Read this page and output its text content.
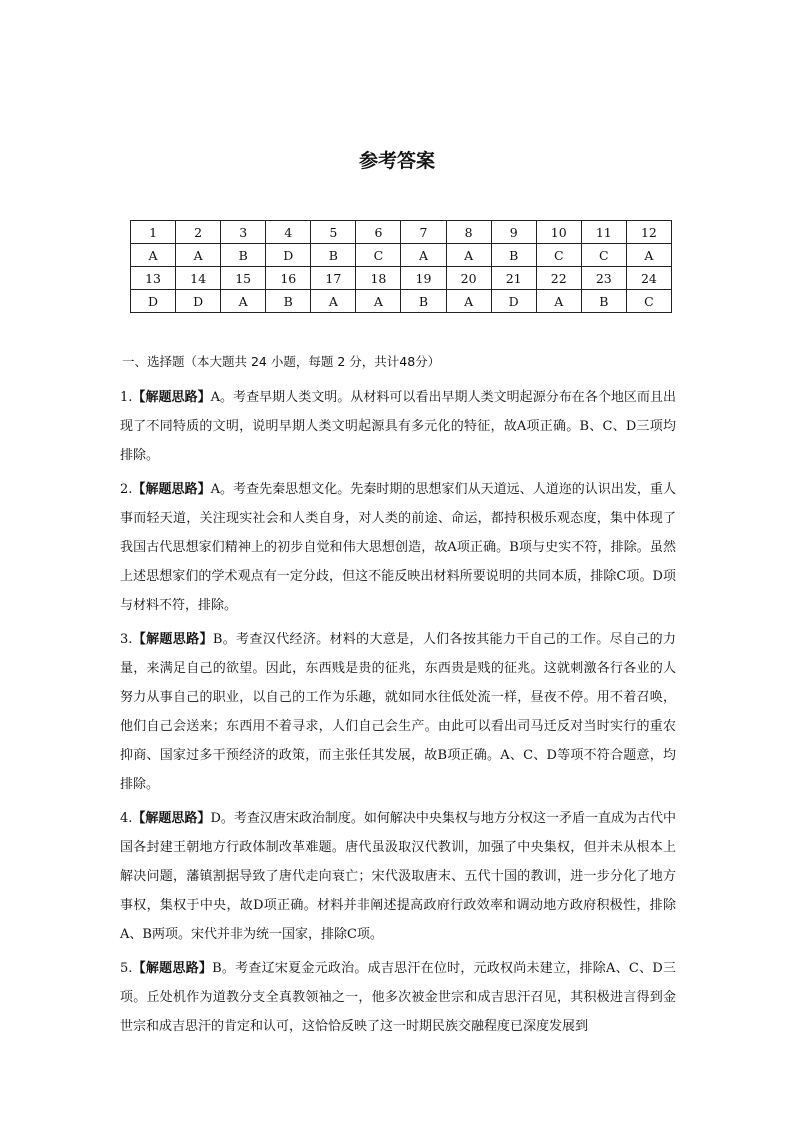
参考答案
1	2	3	4	5	6	7	8	9	10	11	12
A	A	B	D	B	C	A	A	B	C	C	A
13	14	15	16	17	18	19	20	21	22	23	24
D	D	A	B	A	A	B	A	D	A	B	C
一、选择题（本大题共 24 小题，每题 2 分，共计48分）

1.【解题思路】A。考查早期人类文明。从材料可以看出早期人类文明起源分布在各个地区而且出现了不同特质的文明，说明早期人类文明起源具有多元化的特征，故A项正确。B、C、D三项均排除。

2.【解题思路】A。考查先秦思想文化。先秦时期的思想家们从天道远、人道迩的认识出发，重人事而轻天道，关注现实社会和人类自身，对人类的前途、命运，都持积极乐观态度，集中体现了我国古代思想家们精神上的初步自觉和伟大思想创造，故A项正确。B项与史实不符，排除。虽然上述思想家们的学术观点有一定分歧，但这不能反映出材料所要说明的共同本质，排除C项。D项与材料不符，排除。

3.【解题思路】B。考查汉代经济。材料的大意是，人们各按其能力干自己的工作。尽自己的力量，来满足自己的欲望。因此，东西贱是贵的征兆，东西贵是贱的征兆。这就刺激各行各业的人努力从事自己的职业，以自己的工作为乐趣，就如同水往低处流一样，昼夜不停。用不着召唤，他们自己会送来；东西用不着寻求，人们自己会生产。由此可以看出司马迁反对当时实行的重农抑商、国家过多干预经济的政策，而主张任其发展，故B项正确。A、C、D等项不符合题意，均排除。

4.【解题思路】D。考查汉唐宋政治制度。如何解决中央集权与地方分权这一矛盾一直成为古代中国各封建王朝地方行政体制改革难题。唐代虽汲取汉代教训，加强了中央集权，但并未从根本上解决问题，藩镇割据导致了唐代走向衰亡；宋代汲取唐末、五代十国的教训，进一步分化了地方事权，集权于中央，故D项正确。材料并非阐述提高政府行政效率和调动地方政府积极性，排除A、B两项。宋代并非为统一国家，排除C项。

5.【解题思路】B。考查辽宋夏金元政治。成吉思汗在位时，元政权尚未建立，排除A、C、D三项。丘处机作为道教分支全真教领袖之一，他多次被金世宗和成吉思汗召见，其积极进言得到金世宗和成吉思汗的肯定和认可，这恰恰反映了这一时期民族交融程度已深度发展到
